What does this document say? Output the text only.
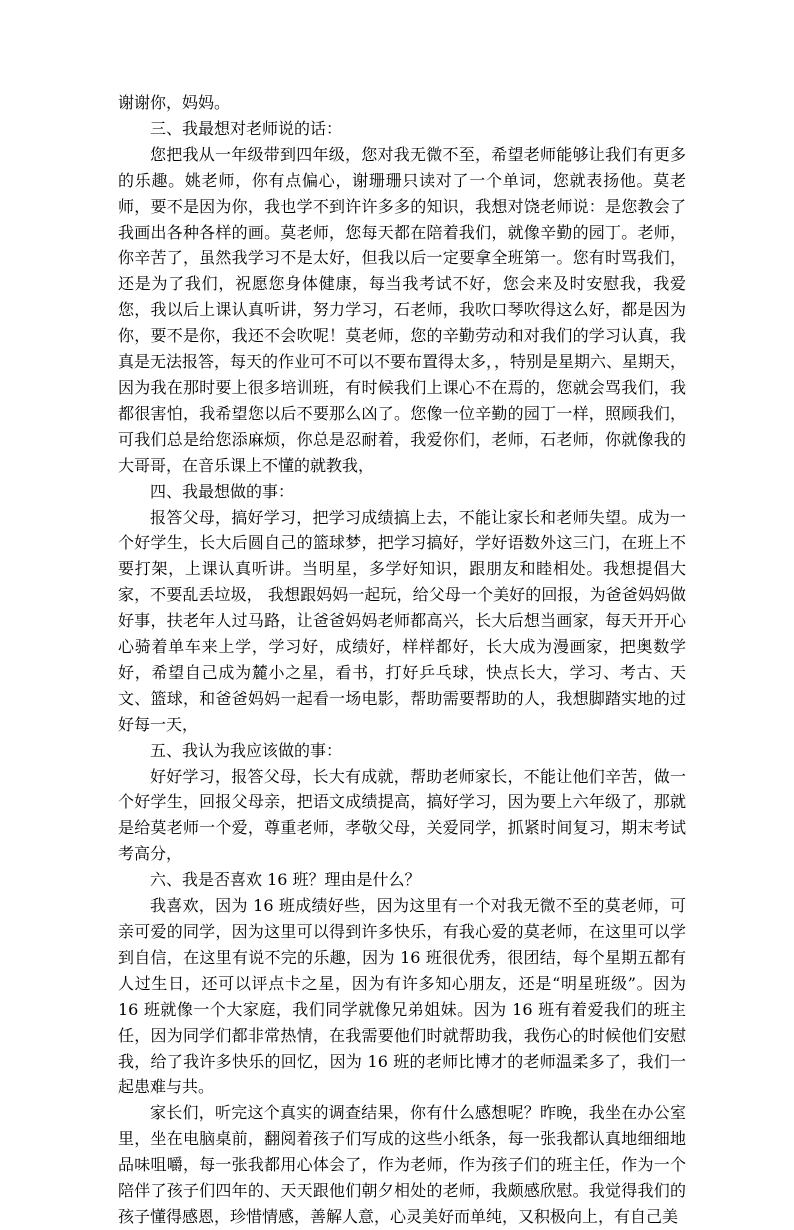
谢谢你，妈妈。

三、我最想对老师说的话：

您把我从一年级带到四年级，您对我无微不至，希望老师能够让我们有更多的乐趣。姚老师，你有点偏心，谢珊珊只读对了一个单词，您就表扬他。莫老师，要不是因为你，我也学不到许许多多的知识，我想对饶老师说：是您教会了我画出各种各样的画。莫老师，您每天都在陪着我们，就像辛勤的园丁。老师，你辛苦了，虽然我学习不是太好，但我以后一定要拿全班第一。您有时骂我们，还是为了我们，祝愿您身体健康，每当我考试不好，您会来及时安慰我，我爱您，我以后上课认真听讲，努力学习，石老师，我吹口琴吹得这么好，都是因为你，要不是你，我还不会吹呢！莫老师，您的辛勤劳动和对我们的学习认真，我真是无法报答，每天的作业可不可以不要布置得太多，，特别是星期六、星期天，因为我在那时要上很多培训班，有时候我们上课心不在焉的，您就会骂我们，我都很害怕，我希望您以后不要那么凶了。您像一位辛勤的园丁一样，照顾我们，可我们总是给您添麻烦，你总是忍耐着，我爱你们，老师，石老师，你就像我的大哥哥，在音乐课上不懂的就教我，

四、我最想做的事：

报答父母，搞好学习，把学习成绩搞上去，不能让家长和老师失望。成为一个好学生，长大后圆自己的篮球梦，把学习搞好，学好语数外这三门，在班上不要打架，上课认真听讲。当明星，多学好知识，跟朋友和睦相处。我想提倡大家，不要乱丢垃圾， 我想跟妈妈一起玩，给父母一个美好的回报，为爸爸妈妈做好事，扶老年人过马路，让爸爸妈妈老师都高兴，长大后想当画家，每天开开心心骑着单车来上学，学习好，成绩好，样样都好，长大成为漫画家，把奥数学好，希望自己成为麓小之星，看书，打好乒乓球，快点长大，学习、考古、天文、篮球，和爸爸妈妈一起看一场电影，帮助需要帮助的人，我想脚踏实地的过好每一天，

五、我认为我应该做的事：

好好学习，报答父母，长大有成就，帮助老师家长，不能让他们辛苦，做一个好学生，回报父母亲，把语文成绩提高，搞好学习，因为要上六年级了，那就是给莫老师一个爱，尊重老师，孝敬父母，关爱同学，抓紧时间复习，期末考试考高分，

六、我是否喜欢 16 班？理由是什么？

我喜欢，因为 16 班成绩好些，因为这里有一个对我无微不至的莫老师，可亲可爱的同学，因为这里可以得到许多快乐，有我心爱的莫老师，在这里可以学到自信，在这里有说不完的乐趣，因为 16 班很优秀，很团结，每个星期五都有人过生日，还可以评点卡之星，因为有许多知心朋友，还是“明星班级”。因为 16 班就像一个大家庭，我们同学就像兄弟姐妹。因为 16 班有着爱我们的班主任，因为同学们都非常热情，在我需要他们时就帮助我，我伤心的时候他们安慰我，给了我许多快乐的回忆，因为 16 班的老师比博才的老师温柔多了，我们一起患难与共。

家长们，听完这个真实的调查结果，你有什么感想呢？昨晚，我坐在办公室里，坐在电脑桌前，翻阅着孩子们写成的这些小纸条，每一张我都认真地细细地品味咀嚼，每一张我都用心体会了，作为老师，作为孩子们的班主任，作为一个陪伴了孩子们四年的、天天跟他们朝夕相处的老师，我颇感欣慰。我觉得我们的孩子懂得感恩，珍惜情感，善解人意，心灵美好而单纯，又积极向上，有自己美
